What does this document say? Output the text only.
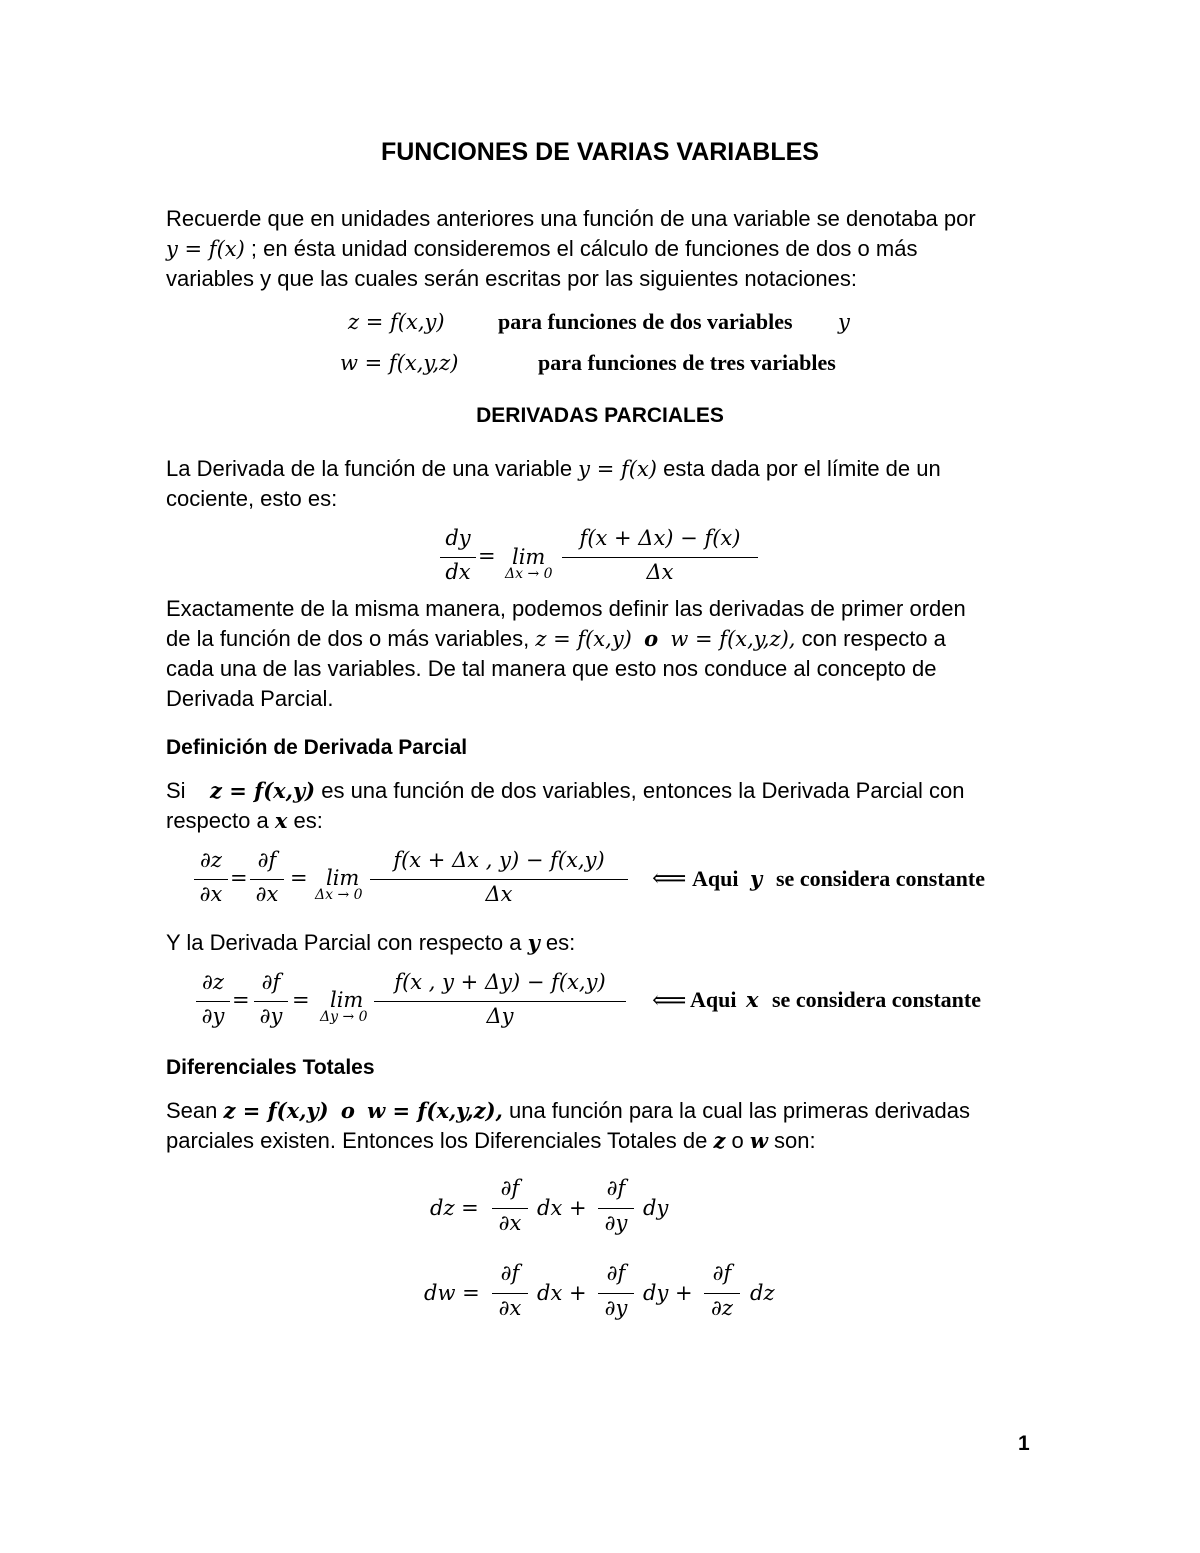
FUNCIONES DE VARIAS VARIABLES
Recuerde que en unidades anteriores una función de una variable se denotaba por
y = f(x) ; en ésta unidad consideremos el cálculo de funciones de dos o más
variables y que las cuales serán escritas por las siguientes notaciones:
z = f(x,y) para funciones de dos variables y
w = f(x,y,z)	para funciones de tres variables
DERIVADAS PARCIALES
La Derivada de la función de una variable y = f(x) esta dada por el límite de un
cociente, esto es:
dy
dx
= lim
Δx → 0
f(x + Δx) − f(x)
Δx
Exactamente de la misma manera, podemos definir las derivadas de primer orden
de la función de dos o más variables, z = f(x,y) o w = f(x,y,z), con respecto a
cada una de las variables. De tal manera que esto nos conduce al concepto de
Derivada Parcial.
Definición de Derivada Parcial
Si z = f(x,y) es una función de dos variables, entonces la Derivada Parcial con
respecto a x es:
∂z
∂x
=
∂f
∂x
= lim
Δx → 0
f(x + Δx , y) − f(x,y)
Δx
⟸ Aqui y se considera constante
Y la Derivada Parcial con respecto a y es:
∂z
∂y
=
∂f
∂y
= lim
Δy → 0
f(x , y + Δy) − f(x,y)
Δy
⟸ Aqui x se considera constante
Diferenciales Totales
Sean z = f(x,y) o w = f(x,y,z), una función para la cual las primeras derivadas
parciales existen. Entonces los Diferenciales Totales de z o w son:
dz =
∂f
∂x
dx +
∂f
∂y
dy
dw =
∂f
∂x
dx +
∂f
∂y
dy +
∂f
∂z
dz
1
